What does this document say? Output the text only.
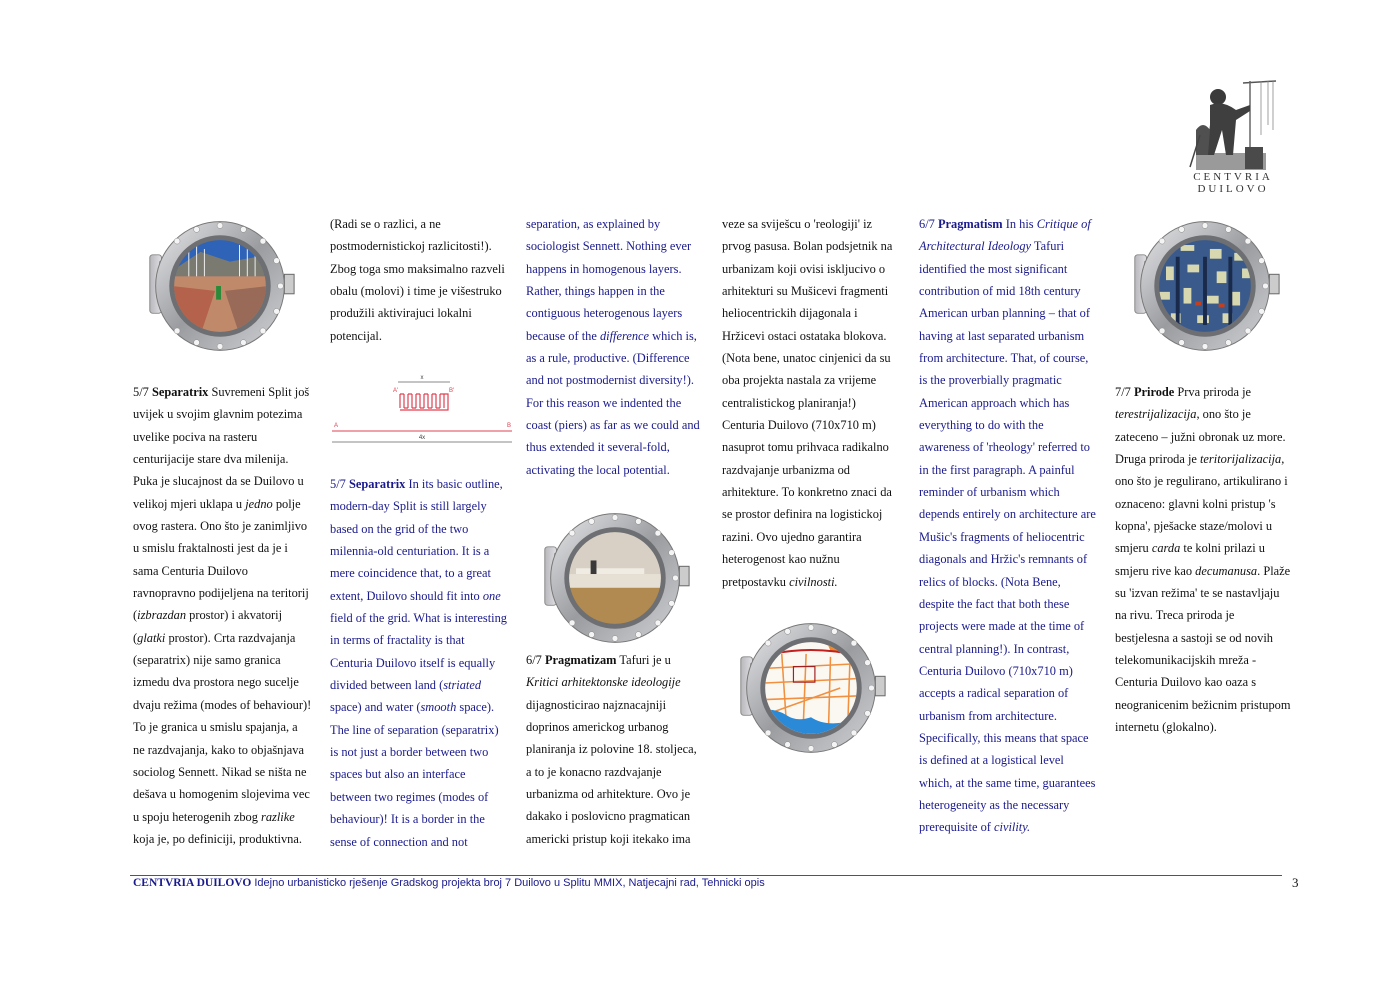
CENTVRIA
DUILOVO
x
A'	B'
A	B
4x
5/7 Separatrix Suvremeni Split još
uvijek u svojim glavnim potezima
uvelike pociva na rasteru
centurijacije stare dva milenija.
Puka je slucajnost da se Duilovo u
velikoj mjeri uklapa u jedno polje
ovog rastera. Ono što je zanimljivo
u smislu fraktalnosti jest da je i
sama Centuria Duilovo
ravnopravno podijeljena na teritorij
(izbrazdan prostor) i akvatorij
(glatki prostor). Crta razdvajanja
(separatrix) nije samo granica
izmedu dva prostora nego sucelje
dvaju režima (modes of behaviour)!
To je granica u smislu spajanja, a
ne razdvajanja, kako to objašnjava
sociolog Sennett. Nikad se ništa ne
dešava u homogenim slojevima vec
u spoju heterogenih zbog razlike
koja je, po definiciji, produktivna.
(Radi se o razlici, a ne
postmodernistickoj razlicitosti!).
Zbog toga smo maksimalno razveli
obalu (molovi) i time je višestruko
produžili aktivirajuci lokalni
potencijal.
5/7 Separatrix In its basic outline,
modern-day Split is still largely
based on the grid of the two
milennia-old centuriation. It is a
mere coincidence that, to a great
extent, Duilovo should fit into one
field of the grid. What is interesting
in terms of fractality is that
Centuria Duilovo itself is equally
divided between land (striated
space) and water (smooth space).
The line of separation (separatrix)
is not just a border between two
spaces but also an interface
between two regimes (modes of
behaviour)! It is a border in the
sense of connection and not
separation, as explained by
sociologist Sennett. Nothing ever
happens in homogenous layers.
Rather, things happen in the
contiguous heterogenous layers
because of the difference which is,
as a rule, productive. (Difference
and not postmodernist diversity!).
For this reason we indented the
coast (piers) as far as we could and
thus extended it several-fold,
activating the local potential.
6/7 Pragmatizam Tafuri je u
Kritici arhitektonske ideologije
dijagnosticirao najznacajniji
doprinos americkog urbanog
planiranja iz polovine 18. stoljeca,
a to je konacno razdvajanje
urbanizma od arhitekture. Ovo je
dakako i poslovicno pragmatican
americki pristup koji itekako ima
veze sa sviješcu o 'reologiji' iz
prvog pasusa. Bolan podsjetnik na
urbanizam koji ovisi iskljucivo o
arhitekturi su Mušicevi fragmenti
heliocentrickih dijagonala i
Hržicevi ostaci ostataka blokova.
(Nota bene, unatoc cinjenici da su
oba projekta nastala za vrijeme
centralistickog planiranja!)
Centuria Duilovo (710x710 m)
nasuprot tomu prihvaca radikalno
razdvajanje urbanizma od
arhitekture. To konkretno znaci da
se prostor definira na logistickoj
razini. Ovo ujedno garantira
heterogenost kao nužnu
pretpostavku civilnosti.
6/7 Pragmatism In his Critique of
Architectural Ideology Tafuri
identified the most significant
contribution of mid 18th century
American urban planning – that of
having at last separated urbanism
from architecture. That, of course,
is the proverbially pragmatic
American approach which has
everything to do with the
awareness of 'rheology' referred to
in the first paragraph. A painful
reminder of urbanism which
depends entirely on architecture are
Mušic's fragments of heliocentric
diagonals and Hržic's remnants of
relics of blocks. (Nota Bene,
despite the fact that both these
projects were made at the time of
central planning!). In contrast,
Centuria Duilovo (710x710 m)
accepts a radical separation of
urbanism from architecture.
Specifically, this means that space
is defined at a logistical level
which, at the same time, guarantees
heterogeneity as the necessary
prerequisite of civility.
7/7 Prirode Prva priroda je
terestrijalizacija, ono što je
zateceno – južni obronak uz more.
Druga priroda je teritorijalizacija,
ono što je regulirano, artikulirano i
oznaceno: glavni kolni pristup 's
kopna', pješacke staze/molovi u
smjeru carda te kolni prilazi u
smjeru rive kao decumanusa. Plaže
su 'izvan režima' te se nastavljaju
na rivu. Treca priroda je
bestjelesna a sastoji se od novih
telekomunikacijskih mreža -
Centuria Duilovo kao oaza s
neogranicenim bežicnim pristupom
internetu (glokalno).
CENTVRIA DUILOVO Idejno urbanisticko rješenje Gradskog projekta broj 7 Duilovo u Splitu MMIX, Natjecajni rad, Tehnicki opis	3
